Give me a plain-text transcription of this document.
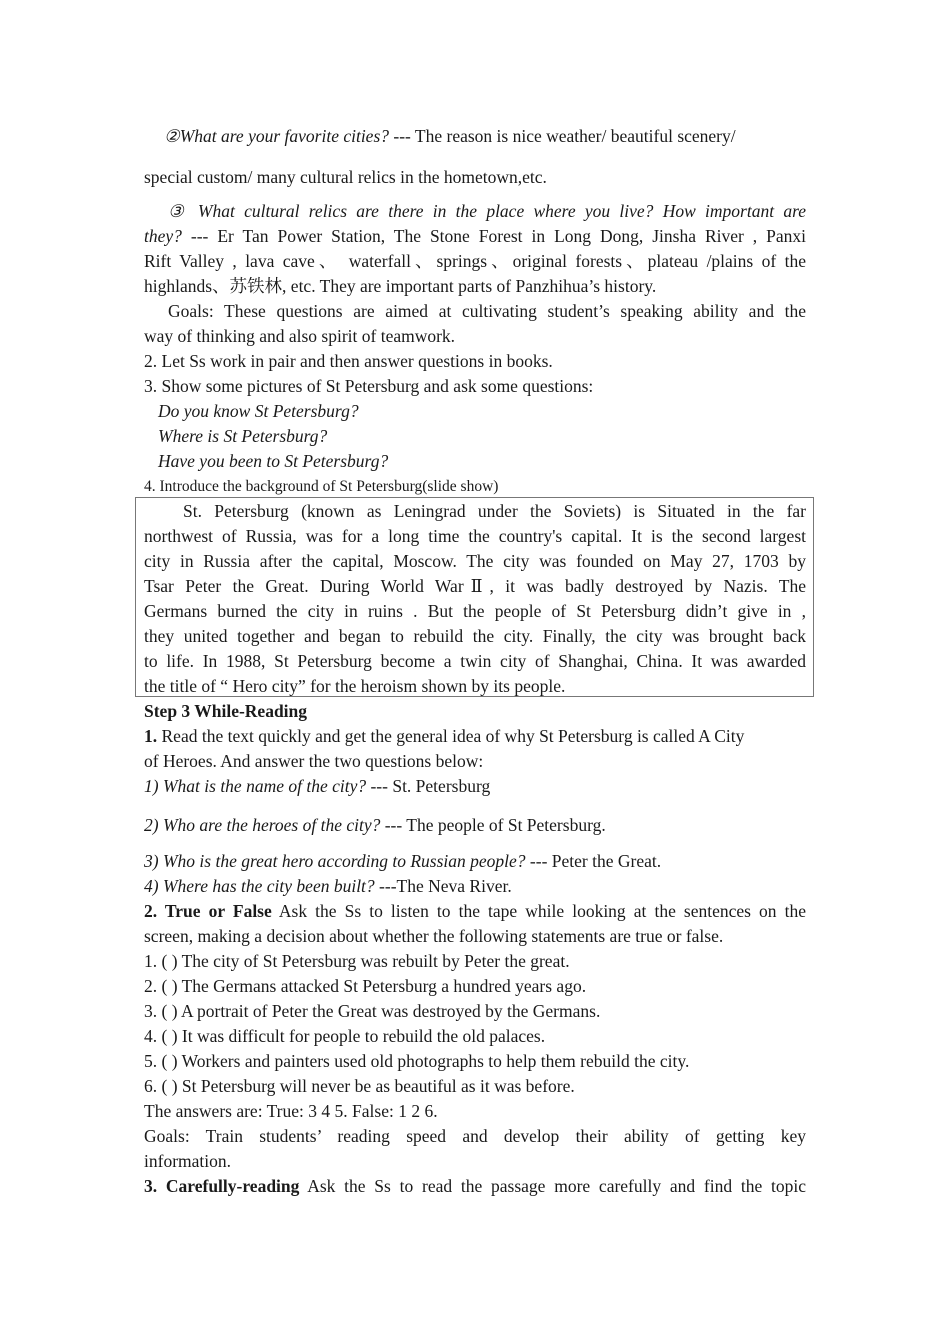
②What are your favorite cities? --- The reason is nice weather/ beautiful scenery/
special custom/ many cultural relics in the hometown,etc.
③ What cultural relics are there in the place where you live? How important are
they? --- Er Tan Power Station, The Stone Forest in Long Dong, Jinsha River , Panxi
Rift Valley , lava cave、 waterfall、springs、original forests、plateau /plains of the
highlands、苏铁林, etc. They are important parts of Panzhihua’s history.
Goals: These questions are aimed at cultivating student’s speaking ability and the
way of thinking and also spirit of teamwork.
2. Let Ss work in pair and then answer questions in books.
3. Show some pictures of St Petersburg and ask some questions:
Do you know St Petersburg?
Where is St Petersburg?
Have you been to St Petersburg?
4. Introduce the background of St Petersburg(slide show)
St. Petersburg (known as Leningrad under the Soviets) is Situated in the far
northwest of Russia, was for a long time the country's capital. It is the second largest
city in Russia after the capital, Moscow. The city was founded on May 27, 1703 by
Tsar Peter the Great. During World WarⅡ, it was badly destroyed by Nazis. The
Germans burned the city in ruins . But the people of St Petersburg didn’t give in ,
they united together and began to rebuild the city. Finally, the city was brought back
to life. In 1988, St Petersburg become a twin city of Shanghai, China. It was awarded
the title of “ Hero city” for the heroism shown by its people.
Step 3 While-Reading
1. Read the text quickly and get the general idea of why St Petersburg is called A City
of Heroes. And answer the two questions below:
1) What is the name of the city? --- St. Petersburg
2) Who are the heroes of the city? --- The people of St Petersburg.
3) Who is the great hero according to Russian people? --- Peter the Great.
4) Where has the city been built? ---The Neva River.
2. True or False Ask the Ss to listen to the tape while looking at the sentences on the
screen, making a decision about whether the following statements are true or false.
1. ( ) The city of St Petersburg was rebuilt by Peter the great.
2. ( ) The Germans attacked St Petersburg a hundred years ago.
3. ( ) A portrait of Peter the Great was destroyed by the Germans.
4. ( ) It was difficult for people to rebuild the old palaces.
5. ( ) Workers and painters used old photographs to help them rebuild the city.
6. ( ) St Petersburg will never be as beautiful as it was before.
The answers are: True: 3 4 5. False: 1 2 6.
Goals: Train students’ reading speed and develop their ability of getting key
information.
3. Carefully-reading Ask the Ss to read the passage more carefully and find the topic
